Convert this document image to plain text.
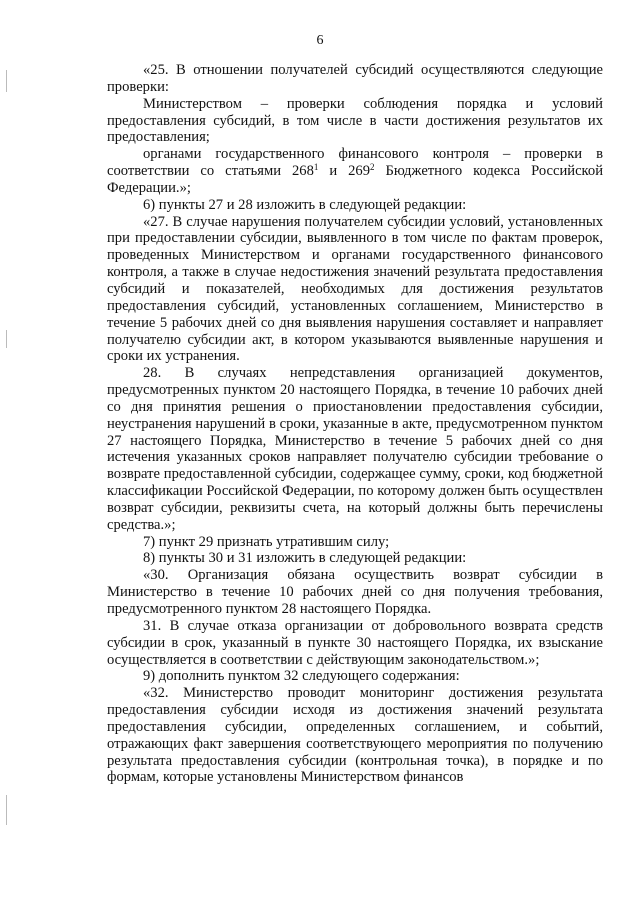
6

«25. В отношении получателей субсидий осуществляются следующие проверки:

Министерством – проверки соблюдения порядка и условий предоставления субсидий, в том числе в части достижения результатов их предоставления;

органами государственного финансового контроля – проверки в соответствии со статьями $268^1$ и $269^2$ Бюджетного кодекса Российской Федерации.»;

6) пункты 27 и 28 изложить в следующей редакции:

«27. В случае нарушения получателем субсидии условий, установленных при предоставлении субсидии, выявленного в том числе по фактам проверок, проведенных Министерством и органами государственного финансового контроля, а также в случае недостижения значений результата предоставления субсидий и показателей, необходимых для достижения результатов предоставления субсидий, установленных соглашением, Министерство в течение 5 рабочих дней со дня выявления нарушения составляет и направляет получателю субсидии акт, в котором указываются выявленные нарушения и сроки их устранения.

28. В случаях непредставления организацией документов, предусмотренных пунктом 20 настоящего Порядка, в течение 10 рабочих дней со дня принятия решения о приостановлении предоставления субсидии, неустранения нарушений в сроки, указанные в акте, предусмотренном пунктом 27 настоящего Порядка, Министерство в течение 5 рабочих дней со дня истечения указанных сроков направляет получателю субсидии требование о возврате предоставленной субсидии, содержащее сумму, сроки, код бюджетной классификации Российской Федерации, по которому должен быть осуществлен возврат субсидии, реквизиты счета, на который должны быть перечислены средства.»;

7) пункт 29 признать утратившим силу;

8) пункты 30 и 31 изложить в следующей редакции:

«30. Организация обязана осуществить возврат субсидии в Министерство в течение 10 рабочих дней со дня получения требования, предусмотренного пунктом 28 настоящего Порядка.

31. В случае отказа организации от добровольного возврата средств субсидии в срок, указанный в пункте 30 настоящего Порядка, их взыскание осуществляется в соответствии с действующим законодательством.»;

9) дополнить пунктом 32 следующего содержания:

«32. Министерство проводит мониторинг достижения результата предоставления субсидии исходя из достижения значений результата предоставления субсидии, определенных соглашением, и событий, отражающих факт завершения соответствующего мероприятия по получению результата предоставления субсидии (контрольная точка), в порядке и по формам, которые установлены Министерством финансов
